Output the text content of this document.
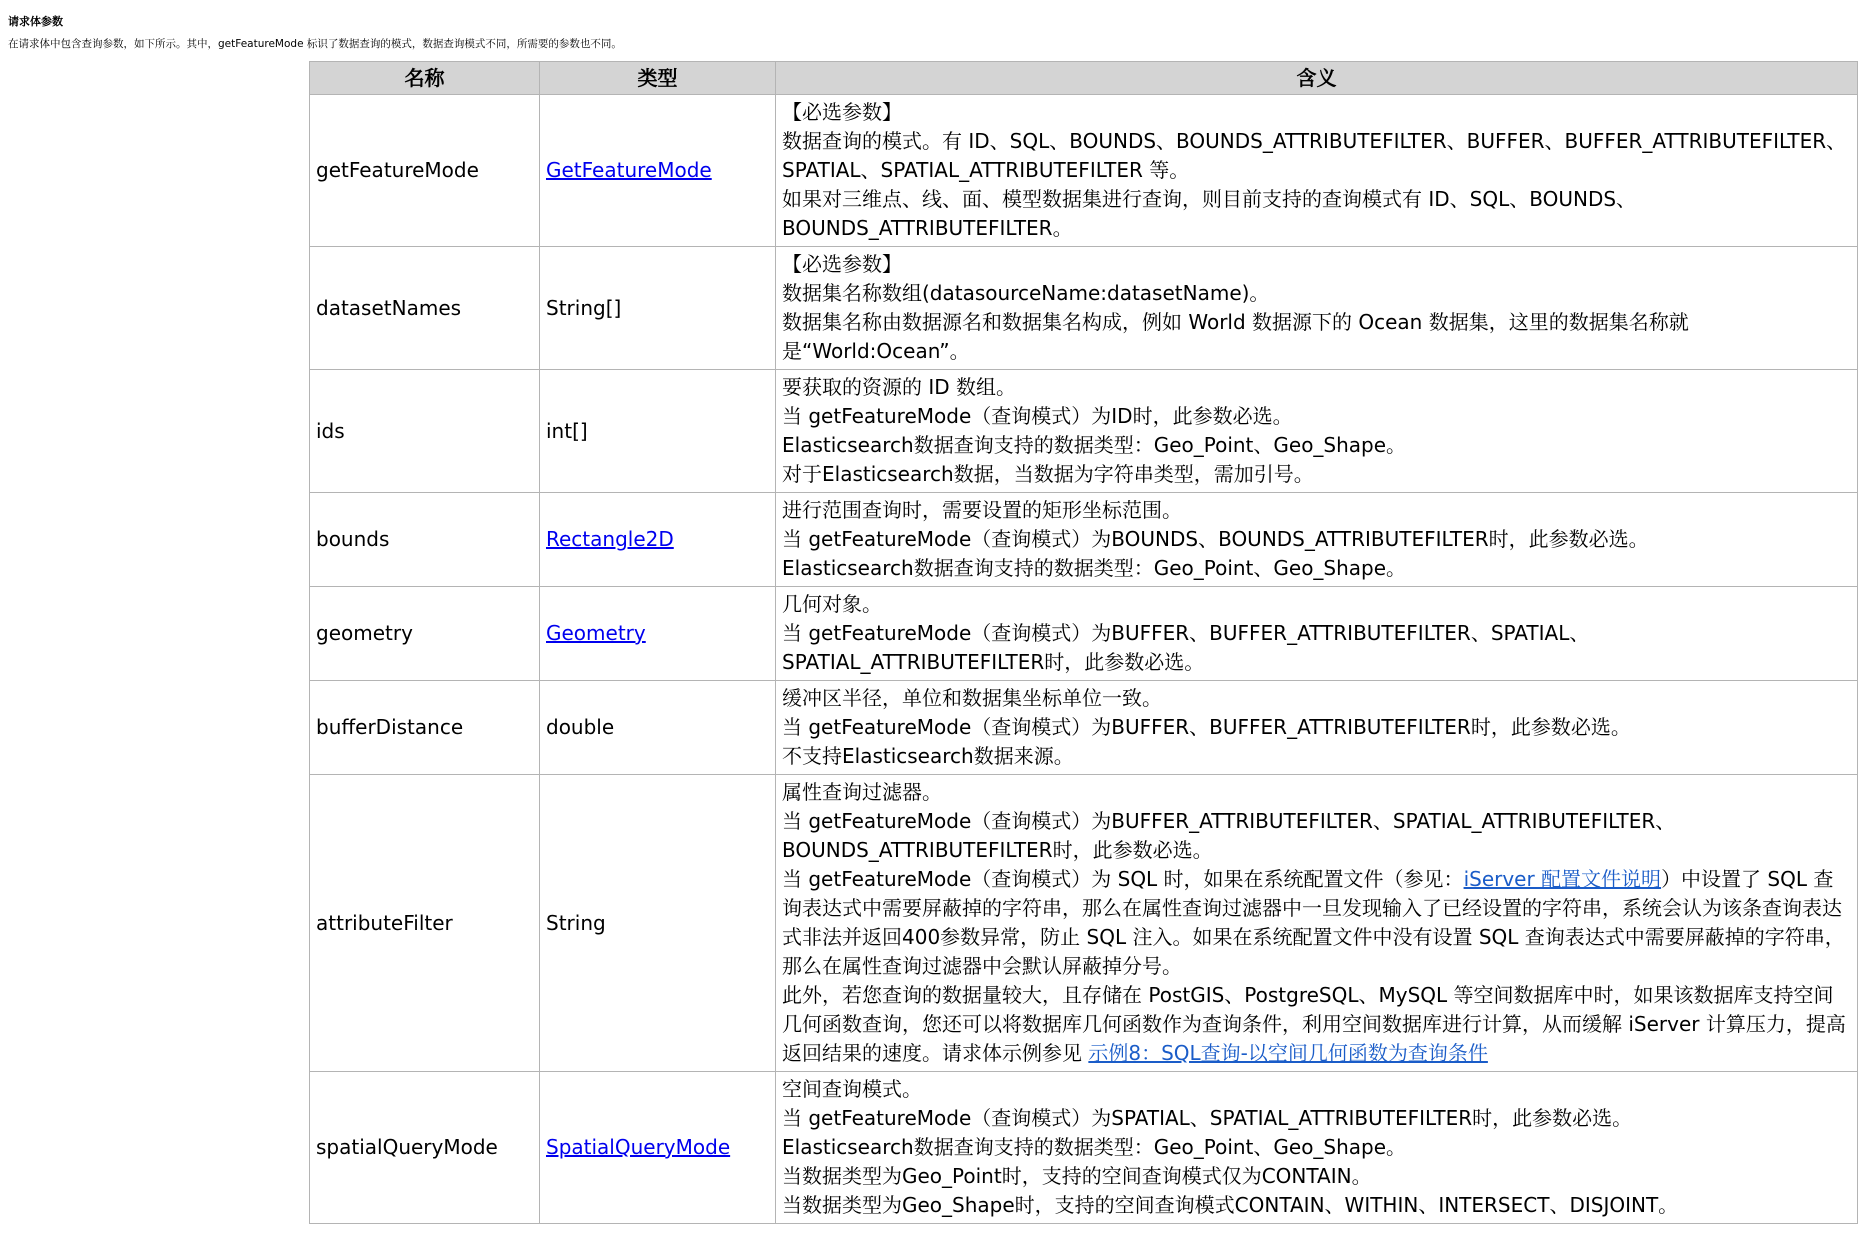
请求体参数
在请求体中包含查询参数，如下所示。其中，getFeatureMode 标识了数据查询的模式，数据查询模式不同，所需要的参数也不同。
名称	类型	含义
getFeatureMode	GetFeatureMode	【必选参数】
数据查询的模式。有 ID、SQL、BOUNDS、BOUNDS_ATTRIBUTEFILTER、BUFFER、BUFFER_ATTRIBUTEFILTER、SPATIAL、SPATIAL_ATTRIBUTEFILTER 等。
如果对三维点、线、面、模型数据集进行查询，则目前支持的查询模式有 ID、SQL、BOUNDS、BOUNDS_ATTRIBUTEFILTER。

datasetNames	String[]	【必选参数】
数据集名称数组(datasourceName:datasetName)。
数据集名称由数据源名和数据集名构成，例如 World 数据源下的 Ocean 数据集，这里的数据集名称就是“World:Ocean”。

ids	int[]	要获取的资源的 ID 数组。
当 getFeatureMode（查询模式）为ID时，此参数必选。
Elasticsearch数据查询支持的数据类型：Geo_Point、Geo_Shape。
对于Elasticsearch数据，当数据为字符串类型，需加引号。

bounds	Rectangle2D	进行范围查询时，需要设置的矩形坐标范围。
当 getFeatureMode（查询模式）为BOUNDS、BOUNDS_ATTRIBUTEFILTER时，此参数必选。
Elasticsearch数据查询支持的数据类型：Geo_Point、Geo_Shape。

geometry	Geometry	几何对象。
当 getFeatureMode（查询模式）为BUFFER、BUFFER_ATTRIBUTEFILTER、SPATIAL、SPATIAL_ATTRIBUTEFILTER时，此参数必选。

bufferDistance	double	缓冲区半径，单位和数据集坐标单位一致。
当 getFeatureMode（查询模式）为BUFFER、BUFFER_ATTRIBUTEFILTER时，此参数必选。
不支持Elasticsearch数据来源。

attributeFilter	String	属性查询过滤器。
当 getFeatureMode（查询模式）为BUFFER_ATTRIBUTEFILTER、SPATIAL_ATTRIBUTEFILTER、BOUNDS_ATTRIBUTEFILTER时，此参数必选。
当 getFeatureMode（查询模式）为 SQL 时，如果在系统配置文件（参见：iServer 配置文件说明）中设置了 SQL 查询表达式中需要屏蔽掉的字符串，那么在属性查询过滤器中一旦发现输入了已经设置的字符串，系统会认为该条查询表达式非法并返回400参数异常，防止 SQL 注入。如果在系统配置文件中没有设置 SQL 查询表达式中需要屏蔽掉的字符串，那么在属性查询过滤器中会默认屏蔽掉分号。
此外，若您查询的数据量较大，且存储在 PostGIS、PostgreSQL、MySQL 等空间数据库中时，如果该数据库支持空间几何函数查询，您还可以将数据库几何函数作为查询条件，利用空间数据库进行计算，从而缓解 iServer 计算压力，提高返回结果的速度。请求体示例参见 示例8：SQL查询-以空间几何函数为查询条件

spatialQueryMode	SpatialQueryMode	空间查询模式。
当 getFeatureMode（查询模式）为SPATIAL、SPATIAL_ATTRIBUTEFILTER时，此参数必选。
Elasticsearch数据查询支持的数据类型：Geo_Point、Geo_Shape。
当数据类型为Geo_Point时，支持的空间查询模式仅为CONTAIN。
当数据类型为Geo_Shape时，支持的空间查询模式CONTAIN、WITHIN、INTERSECT、DISJOINT。
